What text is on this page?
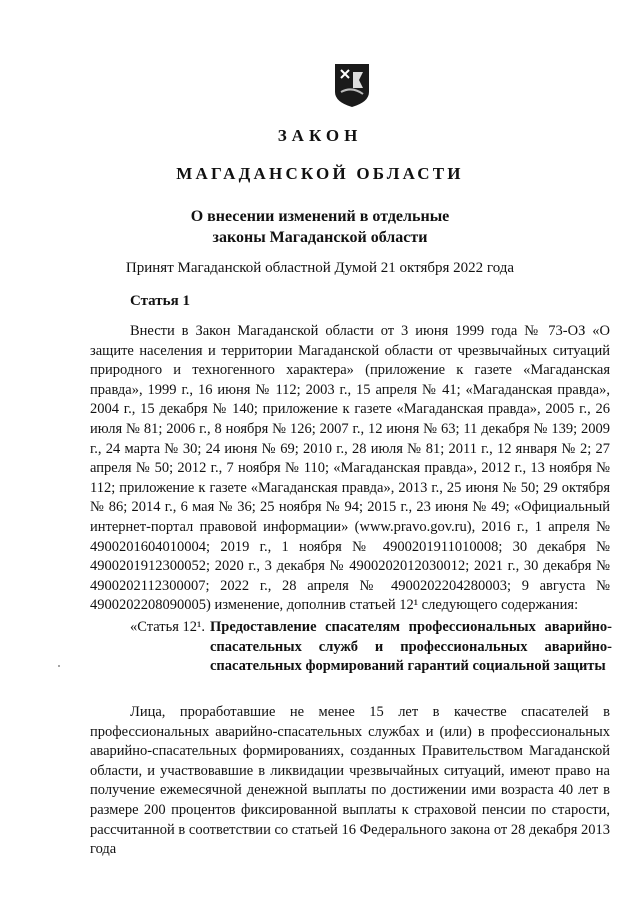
ЗАКОН
МАГАДАНСКОЙ ОБЛАСТИ
О внесении изменений в отдельные законы Магаданской области
Принят Магаданской областной Думой 21 октября 2022 года
Статья 1

Внести в Закон Магаданской области от 3 июня 1999 года № 73-ОЗ «О защите населения и территории Магаданской области от чрезвычайных ситуаций природного и техногенного характера» (приложение к газете «Магаданская правда», 1999 г., 16 июня № 112; 2003 г., 15 апреля № 41; «Магаданская правда», 2004 г., 15 декабря № 140; приложение к газете «Магаданская правда», 2005 г., 26 июля № 81; 2006 г., 8 ноября № 126; 2007 г., 12 июня № 63; 11 декабря № 139; 2009 г., 24 марта № 30; 24 июня № 69; 2010 г., 28 июля № 81; 2011 г., 12 января № 2; 27 апреля № 50; 2012 г., 7 ноября № 110; «Магаданская правда», 2012 г., 13 ноября № 112; приложение к газете «Магаданская правда», 2013 г., 25 июня № 50; 29 октября № 86; 2014 г., 6 мая № 36; 25 ноября № 94; 2015 г., 23 июня № 49; «Официальный интернет-портал правовой информации» (www.pravo.gov.ru), 2016 г., 1 апреля № 4900201604010004; 2019 г., 1 ноября № 4900201911010008; 30 декабря № 4900201912300052; 2020 г., 3 декабря № 4900202012030012; 2021 г., 30 декабря № 4900202112300007; 2022 г., 28 апреля № 4900202204280003; 9 августа № 4900202208090005) изменение, дополнив статьей 12¹ следующего содержания:

«Статья 12¹. Предоставление спасателям профессиональных аварийно-спасательных служб и профессиональных аварийно-спасательных формирований гарантий социальной защиты

Лица, проработавшие не менее 15 лет в качестве спасателей в профессиональных аварийно-спасательных службах и (или) в профессиональных аварийно-спасательных формированиях, созданных Правительством Магаданской области, и участвовавшие в ликвидации чрезвычайных ситуаций, имеют право на получение ежемесячной денежной выплаты по достижении ими возраста 40 лет в размере 200 процентов фиксированной выплаты к страховой пенсии по старости, рассчитанной в соответствии со статьей 16 Федерального закона от 28 декабря 2013 года
